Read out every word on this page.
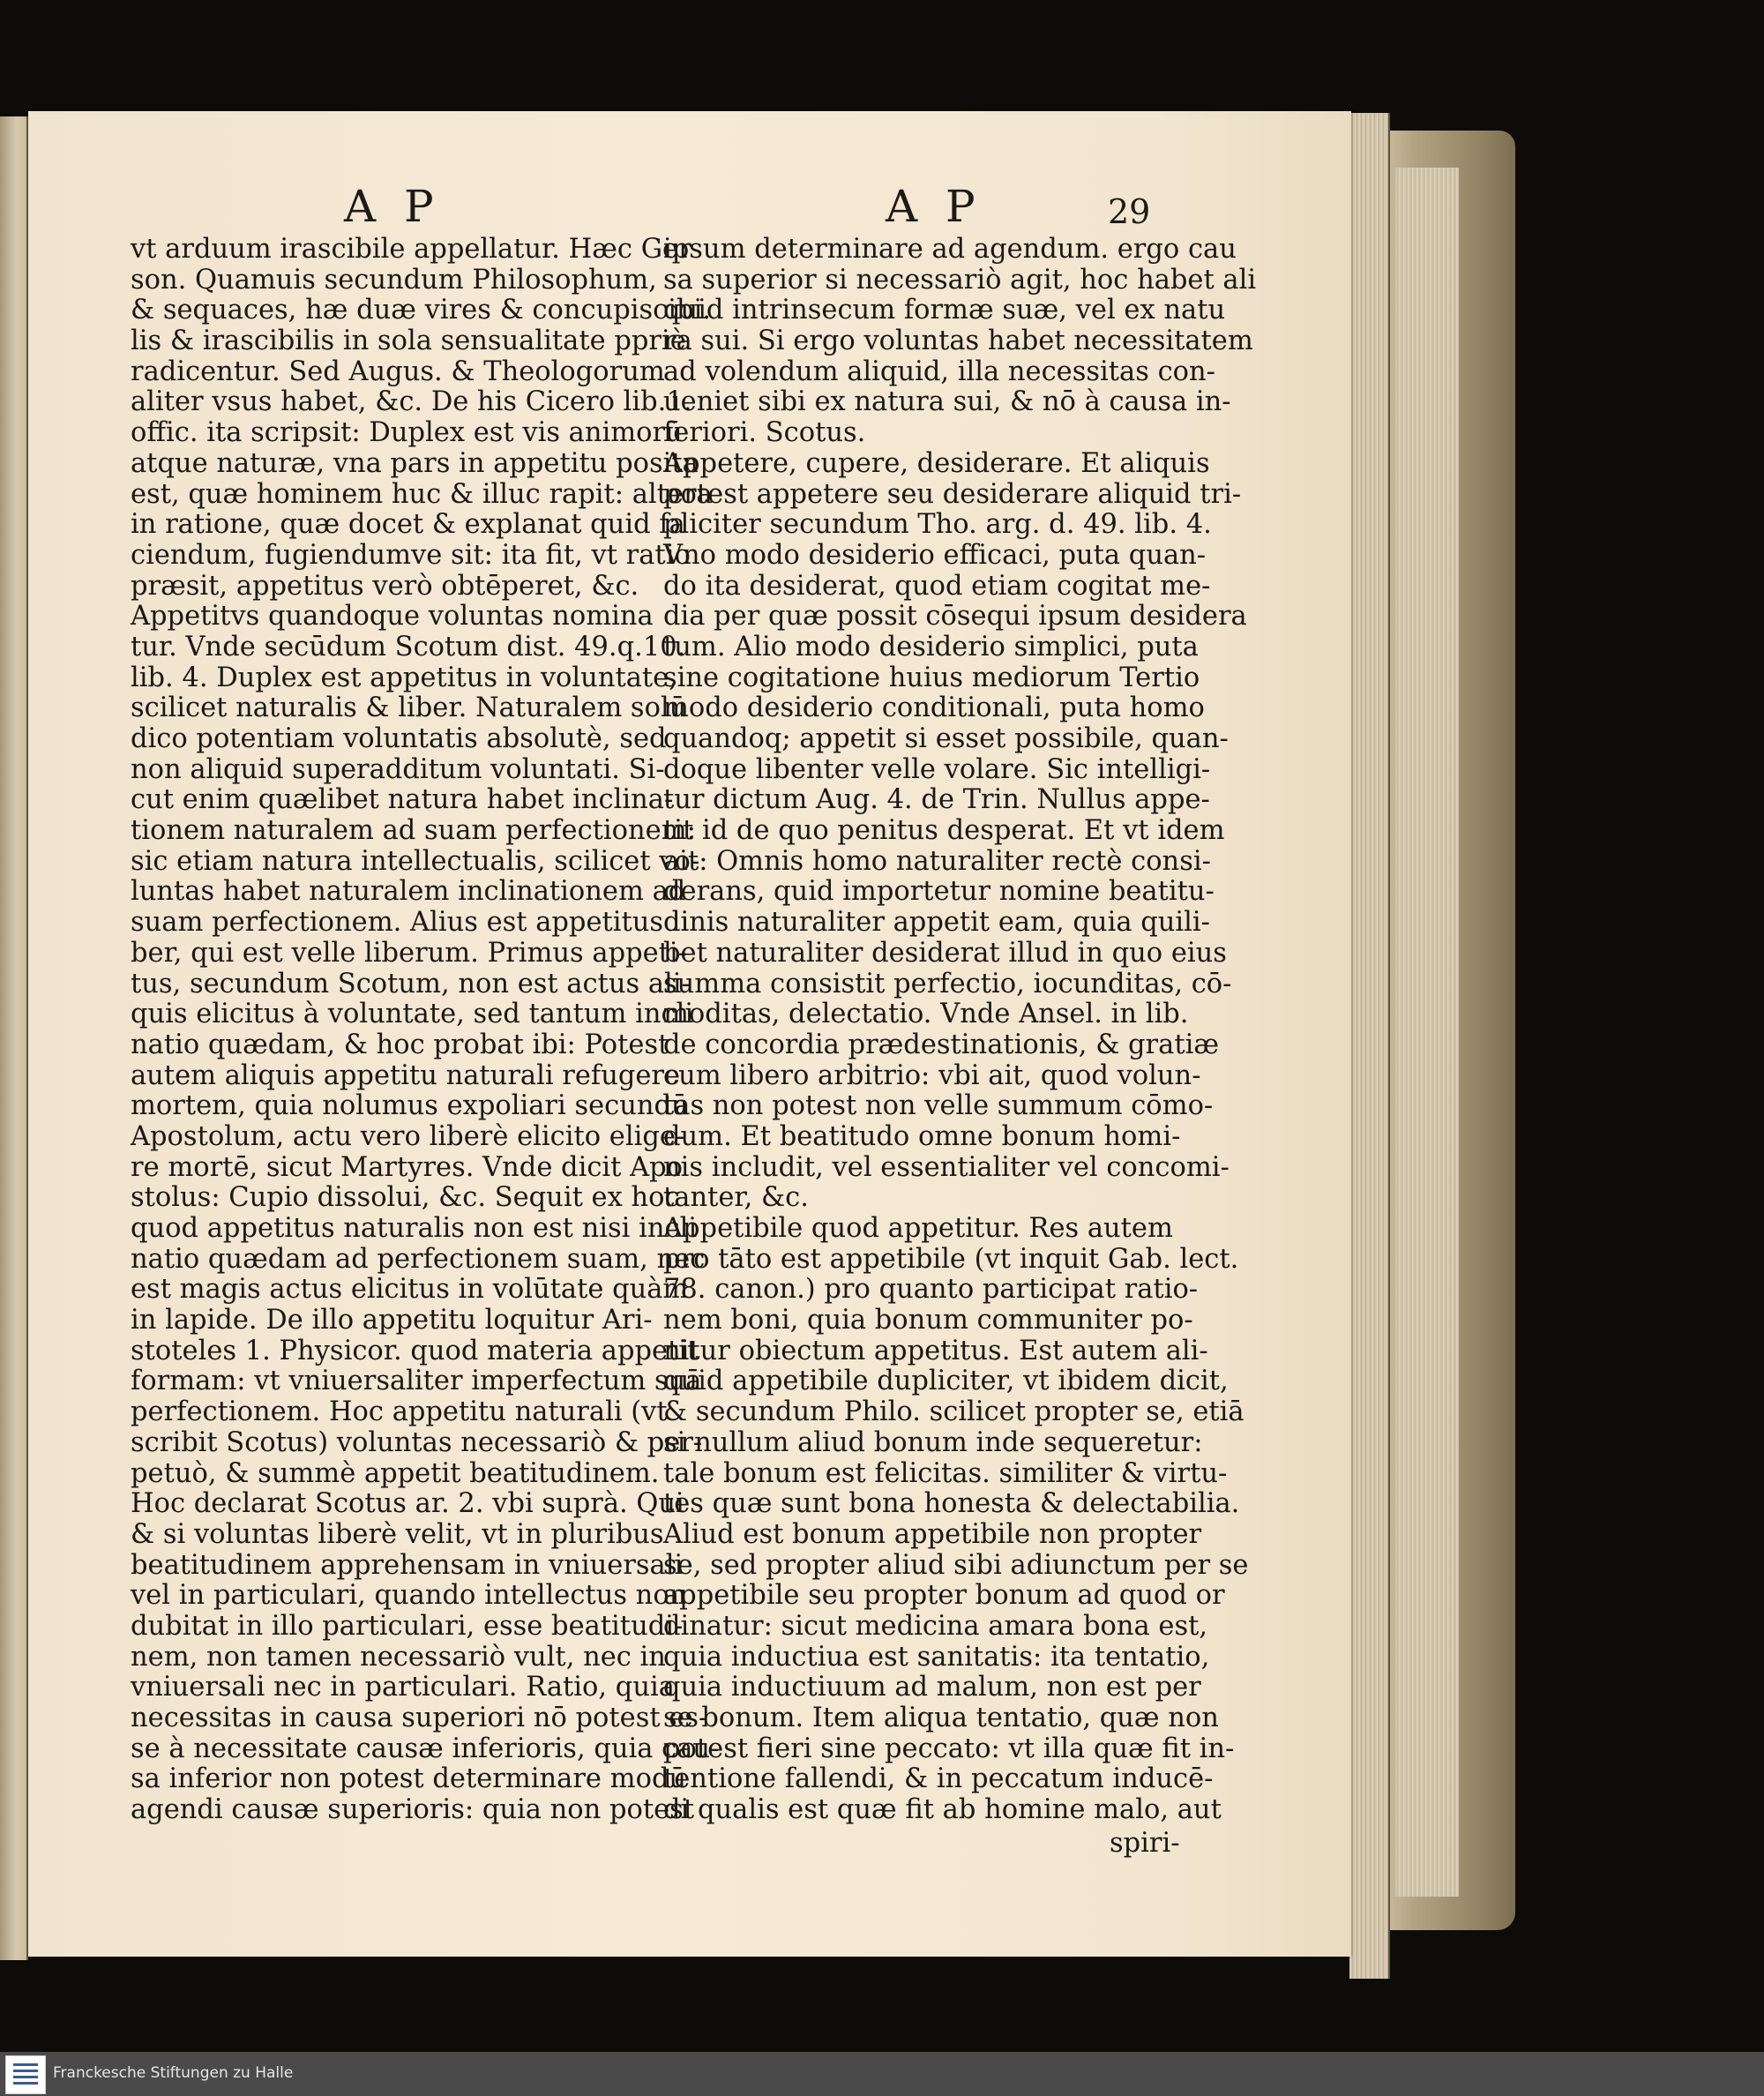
A P	A P	29
vt arduum irascibile appellatur. Hæc Ger
son. Quamuis secundum Philosophum,
& sequaces, hæ duæ vires & concupiscibi.
lis & irascibilis in sola sensualitate ppriè
radicentur. Sed Augus. & Theologorum
aliter vsus habet, &c. De his Cicero lib.1.
offic. ita scripsit: Duplex est vis animorū
atque naturæ, vna pars in appetitu posita
est, quæ hominem huc & illuc rapit: altera
in ratione, quæ docet & explanat quid fa
ciendum, fugiendumve sit: ita fit, vt ratio
præsit, appetitus verò obtēperet, &c.
Appetitvs quandoque voluntas nomina
tur. Vnde secūdum Scotum dist. 49.q.10.
lib. 4. Duplex est appetitus in voluntate,
scilicet naturalis & liber. Naturalem solū
dico potentiam voluntatis absolutè, sed
non aliquid superadditum voluntati. Si-
cut enim quælibet natura habet inclina-
tionem naturalem ad suam perfectionem:
sic etiam natura intellectualis, scilicet vo-
luntas habet naturalem inclinationem ad
suam perfectionem. Alius est appetitus li
ber, qui est velle liberum. Primus appeti-
tus, secundum Scotum, non est actus ali-
quis elicitus à voluntate, sed tantum incli
natio quædam, & hoc probat ibi: Potest
autem aliquis appetitu naturali refugere
mortem, quia nolumus expoliari secundū
Apostolum, actu vero liberè elicito elige-
re mortē, sicut Martyres. Vnde dicit Apo
stolus: Cupio dissolui, &c. Sequit ex hoc
quod appetitus naturalis non est nisi incli
natio quædam ad perfectionem suam, nec
est magis actus elicitus in volūtate quàm
in lapide. De illo appetitu loquitur Ari-
stoteles 1. Physicor. quod materia appetit
formam: vt vniuersaliter imperfectum suā
perfectionem. Hoc appetitu naturali (vt
scribit Scotus) voluntas necessariò & per-
petuò, & summè appetit beatitudinem.
Hoc declarat Scotus ar. 2. vbi suprà. Qui
& si voluntas liberè velit, vt in pluribus
beatitudinem apprehensam in vniuersali
vel in particulari, quando intellectus non
dubitat in illo particulari, esse beatitudi-
nem, non tamen necessariò vult, nec in
vniuersali nec in particulari. Ratio, quia
necessitas in causa superiori nō potest es-
se à necessitate causæ inferioris, quia cau-
sa inferior non potest determinare modū
agendi causæ superioris: quia non potest
ipsum determinare ad agendum. ergo cau
sa superior si necessariò agit, hoc habet ali
quid intrinsecum formæ suæ, vel ex natu
ra sui. Si ergo voluntas habet necessitatem
ad volendum aliquid, illa necessitas con-
ueniet sibi ex natura sui, & nō à causa in-
feriori. Scotus.
Appetere, cupere, desiderare. Et aliquis
potest appetere seu desiderare aliquid tri-
pliciter secundum Tho. arg. d. 49. lib. 4.
Vno modo desiderio efficaci, puta quan-
do ita desiderat, quod etiam cogitat me-
dia per quæ possit cōsequi ipsum desidera
tum. Alio modo desiderio simplici, puta
sine cogitatione huius mediorum Tertio
modo desiderio conditionali, puta homo
quandoq; appetit si esset possibile, quan-
doque libenter velle volare. Sic intelligi-
tur dictum Aug. 4. de Trin. Nullus appe-
tit id de quo penitus desperat. Et vt idem
ait: Omnis homo naturaliter rectè consi-
derans, quid importetur nomine beatitu-
dinis naturaliter appetit eam, quia quili-
bet naturaliter desiderat illud in quo eius
summa consistit perfectio, iocunditas, cō-
moditas, delectatio. Vnde Ansel. in lib.
de concordia prædestinationis, & gratiæ
cum libero arbitrio: vbi ait, quod volun-
tas non potest non velle summum cōmo-
dum. Et beatitudo omne bonum homi-
nis includit, vel essentialiter vel concomi-
tanter, &c.
Appetibile quod appetitur. Res autem
pro tāto est appetibile (vt inquit Gab. lect.
78. canon.) pro quanto participat ratio-
nem boni, quia bonum communiter po-
nitur obiectum appetitus. Est autem ali-
quid appetibile dupliciter, vt ibidem dicit,
& secundum Philo. scilicet propter se, etiā
si nullum aliud bonum inde sequeretur:
tale bonum est felicitas. similiter & virtu-
tes quæ sunt bona honesta & delectabilia.
Aliud est bonum appetibile non propter
se, sed propter aliud sibi adiunctum per se
appetibile seu propter bonum ad quod or
dinatur: sicut medicina amara bona est,
quia inductiua est sanitatis: ita tentatio,
quia inductiuum ad malum, non est per
se bonum. Item aliqua tentatio, quæ non
potest fieri sine peccato: vt illa quæ fit in-
tentione fallendi, & in peccatum inducē-
di qualis est quæ fit ab homine malo, aut
spiri-
Franckesche Stiftungen zu Halle
